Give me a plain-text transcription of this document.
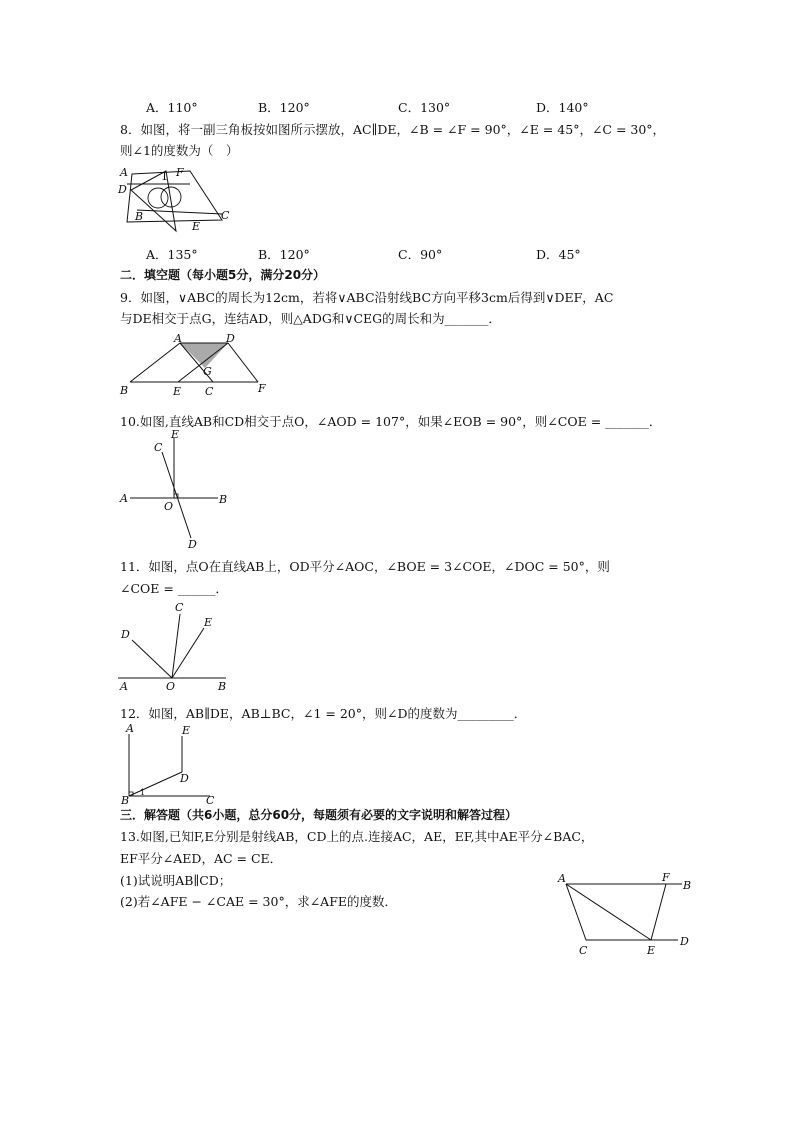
A．110°	B．120°	C．130°	D．140°
8．如图，将一副三角板按如图所示摆放，AC∥DE，∠B = ∠F = 90°，∠E = 45°，∠C = 30°，
则∠1的度数为（　）
A
D
F
1
B	C
E
A．135°	B．120°	C．90°	D．45°
二．填空题（每小题5分，满分20分）
9．如图，∨ABC的周长为12cm，若将∨ABC沿射线BC方向平移3cm后得到∨DEF，AC
与DE相交于点G，连结AD，则△ADG和∨CEG的周长和为_______．
A	D
G
B	E C	F
10.如图,直线AB和CD相交于点O，∠AOD = 107°，如果∠EOB = 90°，则∠COE = _______．
E
C
A	B
O
D
11．如图，点O在直线AB上，OD平分∠AOC，∠BOE = 3∠COE，∠DOC = 50°，则
∠COE = ______．
C
E
D
A	O	B
12．如图，AB∥DE，AB⊥BC，∠1 = 20°，则∠D的度数为_________．
A	E
D
B	C
1
三．解答题（共6小题，总分60分，每题须有必要的文字说明和解答过程）
13.如图,已知F,E分别是射线AB，CD上的点.连接AC，AE，EF,其中AE平分∠BAC，
EF平分∠AED，AC = CE．
(1)试说明AB∥CD；
(2)若∠AFE − ∠CAE = 30°，求∠AFE的度数．
A	F
B
C	E
D
